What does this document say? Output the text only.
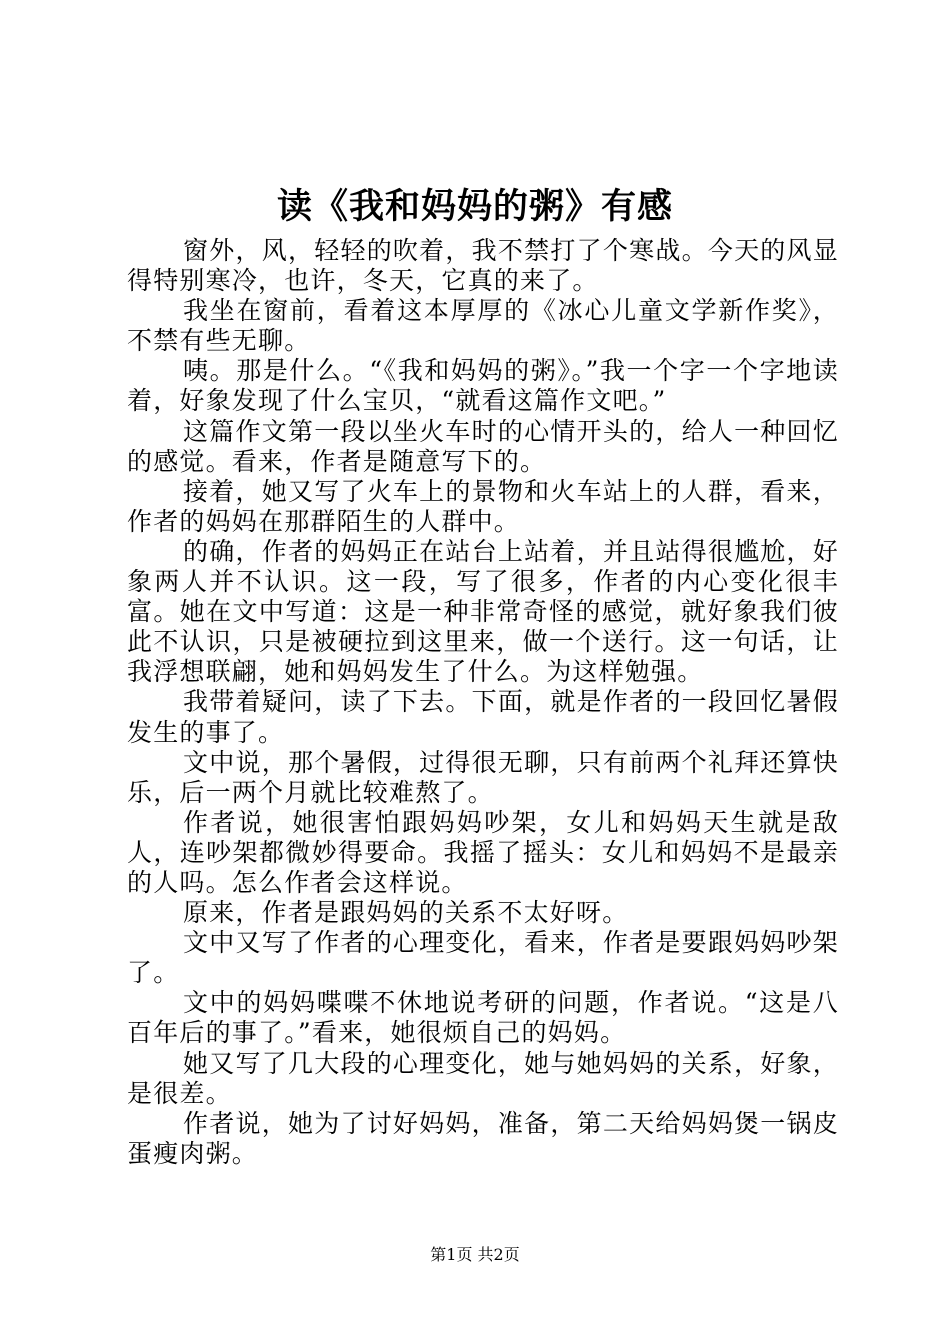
读《我和妈妈的粥》有感

窗外，风，轻轻的吹着，我不禁打了个寒战。今天的风显得特别寒冷，也许，冬天，它真的来了。

我坐在窗前，看着这本厚厚的《冰心儿童文学新作奖》，不禁有些无聊。

咦。那是什么。“《我和妈妈的粥》。”我一个字一个字地读着，好象发现了什么宝贝，“就看这篇作文吧。”

这篇作文第一段以坐火车时的心情开头的，给人一种回忆的感觉。看来，作者是随意写下的。

接着，她又写了火车上的景物和火车站上的人群，看来，作者的妈妈在那群陌生的人群中。

的确，作者的妈妈正在站台上站着，并且站得很尴尬，好象两人并不认识。这一段，写了很多，作者的内心变化很丰富。她在文中写道：这是一种非常奇怪的感觉，就好象我们彼此不认识，只是被硬拉到这里来，做一个送行。这一句话，让我浮想联翩，她和妈妈发生了什么。为这样勉强。

我带着疑问，读了下去。下面，就是作者的一段回忆暑假发生的事了。

文中说，那个暑假，过得很无聊，只有前两个礼拜还算快乐，后一两个月就比较难熬了。

作者说，她很害怕跟妈妈吵架，女儿和妈妈天生就是敌人，连吵架都微妙得要命。我摇了摇头：女儿和妈妈不是最亲的人吗。怎么作者会这样说。

原来，作者是跟妈妈的关系不太好呀。

文中又写了作者的心理变化，看来，作者是要跟妈妈吵架了。

文中的妈妈喋喋不休地说考研的问题，作者说。“这是八百年后的事了。”看来，她很烦自己的妈妈。

她又写了几大段的心理变化，她与她妈妈的关系，好象，是很差。

作者说，她为了讨好妈妈，准备，第二天给妈妈煲一锅皮蛋瘦肉粥。

第1页 共2页
